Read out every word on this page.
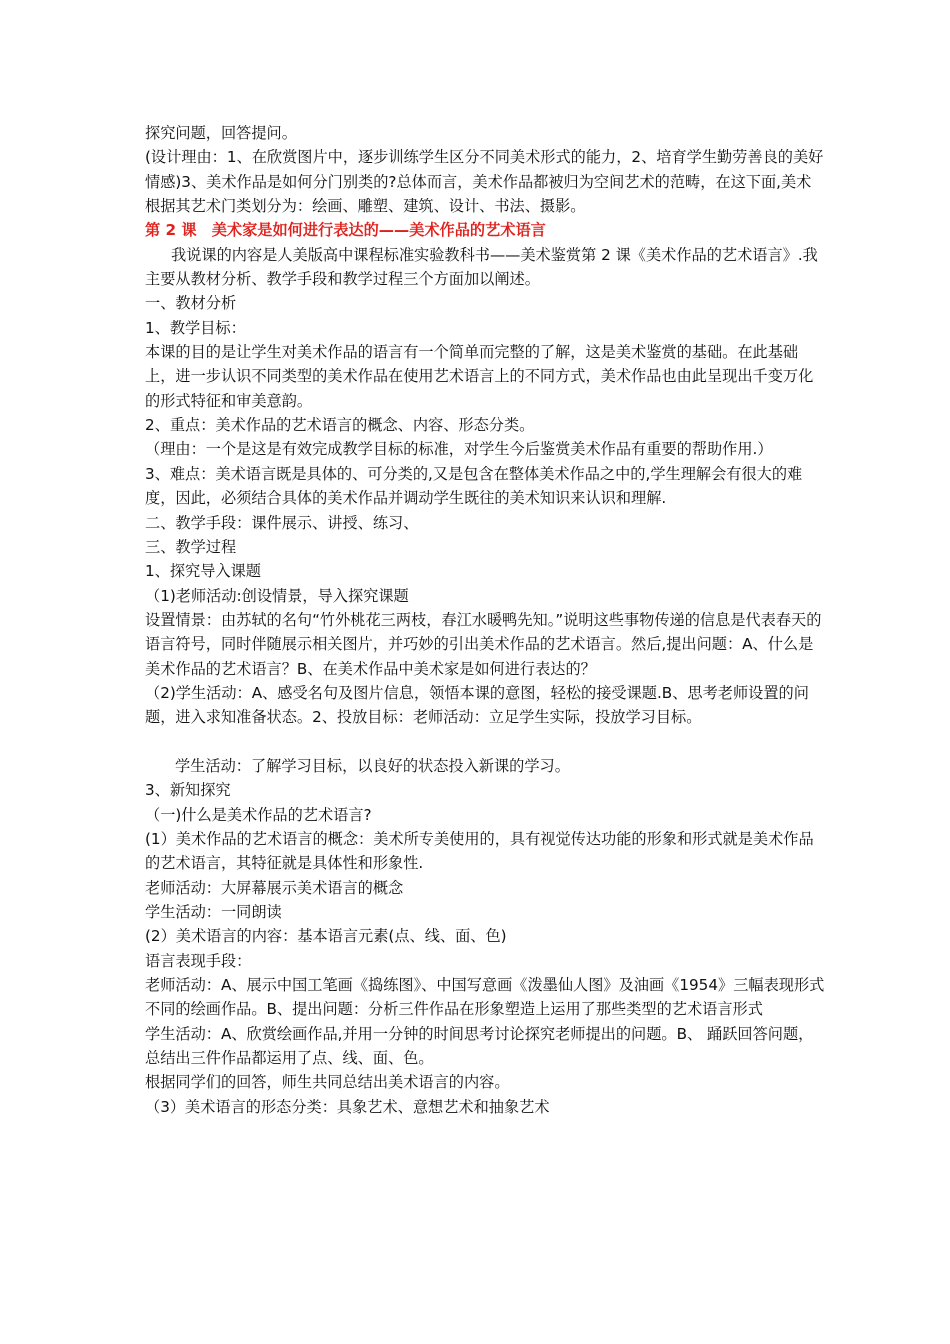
探究问题，回答提问。

(设计理由：1、在欣赏图片中，逐步训练学生区分不同美术形式的能力，2、培育学生勤劳善良的美好情感)3、美术作品是如何分门别类的?总体而言，美术作品都被归为空间艺术的范畴，在这下面,美术根据其艺术门类划分为：绘画、雕塑、建筑、设计、书法、摄影。

第 2 课　美术家是如何进行表达的——美术作品的艺术语言

我说课的内容是人美版高中课程标准实验教科书——美术鉴赏第 2 课《美术作品的艺术语言》.我主要从教材分析、教学手段和教学过程三个方面加以阐述。

一、教材分析

1、教学目标：

本课的目的是让学生对美术作品的语言有一个简单而完整的了解，这是美术鉴赏的基础。在此基础上，进一步认识不同类型的美术作品在使用艺术语言上的不同方式，美术作品也由此呈现出千变万化的形式特征和审美意韵。

2、重点：美术作品的艺术语言的概念、内容、形态分类。

（理由：一个是这是有效完成教学目标的标准，对学生今后鉴赏美术作品有重要的帮助作用.）

3、难点：美术语言既是具体的、可分类的,又是包含在整体美术作品之中的,学生理解会有很大的难度，因此，必须结合具体的美术作品并调动学生既往的美术知识来认识和理解.

二、教学手段：课件展示、讲授、练习、

三、教学过程

1、探究导入课题

（1)老师活动:创设情景，导入探究课题

设置情景：由苏轼的名句“竹外桃花三两枝，春江水暖鸭先知。”说明这些事物传递的信息是代表春天的语言符号，同时伴随展示相关图片，并巧妙的引出美术作品的艺术语言。然后,提出问题：A、什么是美术作品的艺术语言？B、在美术作品中美术家是如何进行表达的？

（2)学生活动：A、感受名句及图片信息，领悟本课的意图，轻松的接受课题.B、思考老师设置的问题，进入求知准备状态。2、投放目标：老师活动：立足学生实际，投放学习目标。

学生活动：了解学习目标，以良好的状态投入新课的学习。

3、新知探究

（一)什么是美术作品的艺术语言?

(1）美术作品的艺术语言的概念：美术所专美使用的，具有视觉传达功能的形象和形式就是美术作品的艺术语言，其特征就是具体性和形象性.

老师活动：大屏幕展示美术语言的概念

学生活动：一同朗读

(2）美术语言的内容：基本语言元素(点、线、面、色)

语言表现手段：

老师活动：A、展示中国工笔画《捣练图》、中国写意画《泼墨仙人图》及油画《1954》三幅表现形式不同的绘画作品。B、提出问题：分析三件作品在形象塑造上运用了那些类型的艺术语言形式

学生活动：A、欣赏绘画作品,并用一分钟的时间思考讨论探究老师提出的问题。B、 踊跃回答问题，总结出三件作品都运用了点、线、面、色。

根据同学们的回答，师生共同总结出美术语言的内容。

（3）美术语言的形态分类：具象艺术、意想艺术和抽象艺术
